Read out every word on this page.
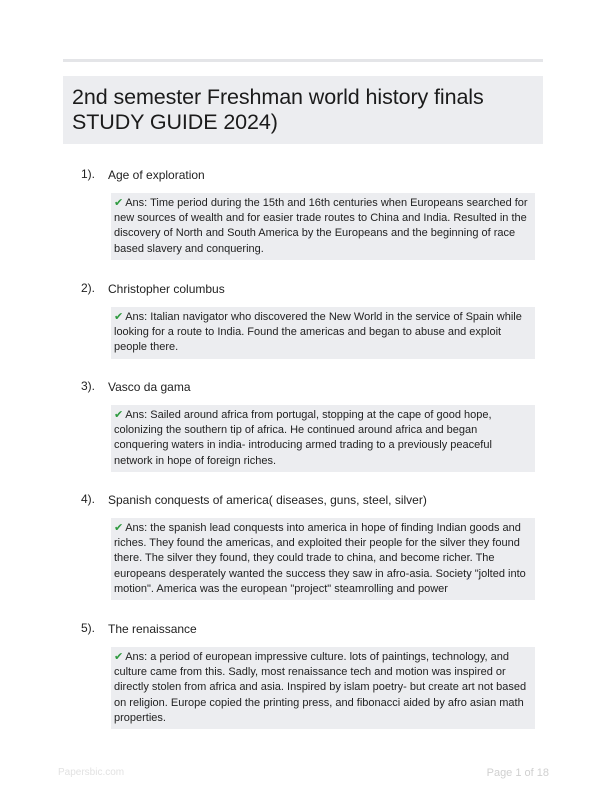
2nd semester Freshman world history finals
STUDY GUIDE 2024)
1). Age of exploration
✔ Ans: Time period during the 15th and 16th centuries when Europeans searched for new sources of wealth and for easier trade routes to China and India. Resulted in the discovery of North and South America by the Europeans and the beginning of race based slavery and conquering.
2). Christopher columbus
✔ Ans: Italian navigator who discovered the New World in the service of Spain while looking for a route to India. Found the americas and began to abuse and exploit people there.
3). Vasco da gama
✔ Ans: Sailed around africa from portugal, stopping at the cape of good hope, colonizing the southern tip of africa. He continued around africa and began conquering waters in india- introducing armed trading to a previously peaceful network in hope of foreign riches.
4). Spanish conquests of america( diseases, guns, steel, silver)
✔ Ans: the spanish lead conquests into america in hope of finding Indian goods and riches. They found the americas, and exploited their people for the silver they found there. The silver they found, they could trade to china, and become richer. The europeans desperately wanted the success they saw in afro-asia. Society "jolted into motion". America was the european "project" steamrolling and power
5). The renaissance
✔ Ans: a period of european impressive culture. lots of paintings, technology, and culture came from this. Sadly, most renaissance tech and motion was inspired or directly stolen from africa and asia. Inspired by islam poetry- but create art not based on religion. Europe copied the printing press, and fibonacci aided by afro asian math properties.
Papersbic.com	Page 1 of 18
